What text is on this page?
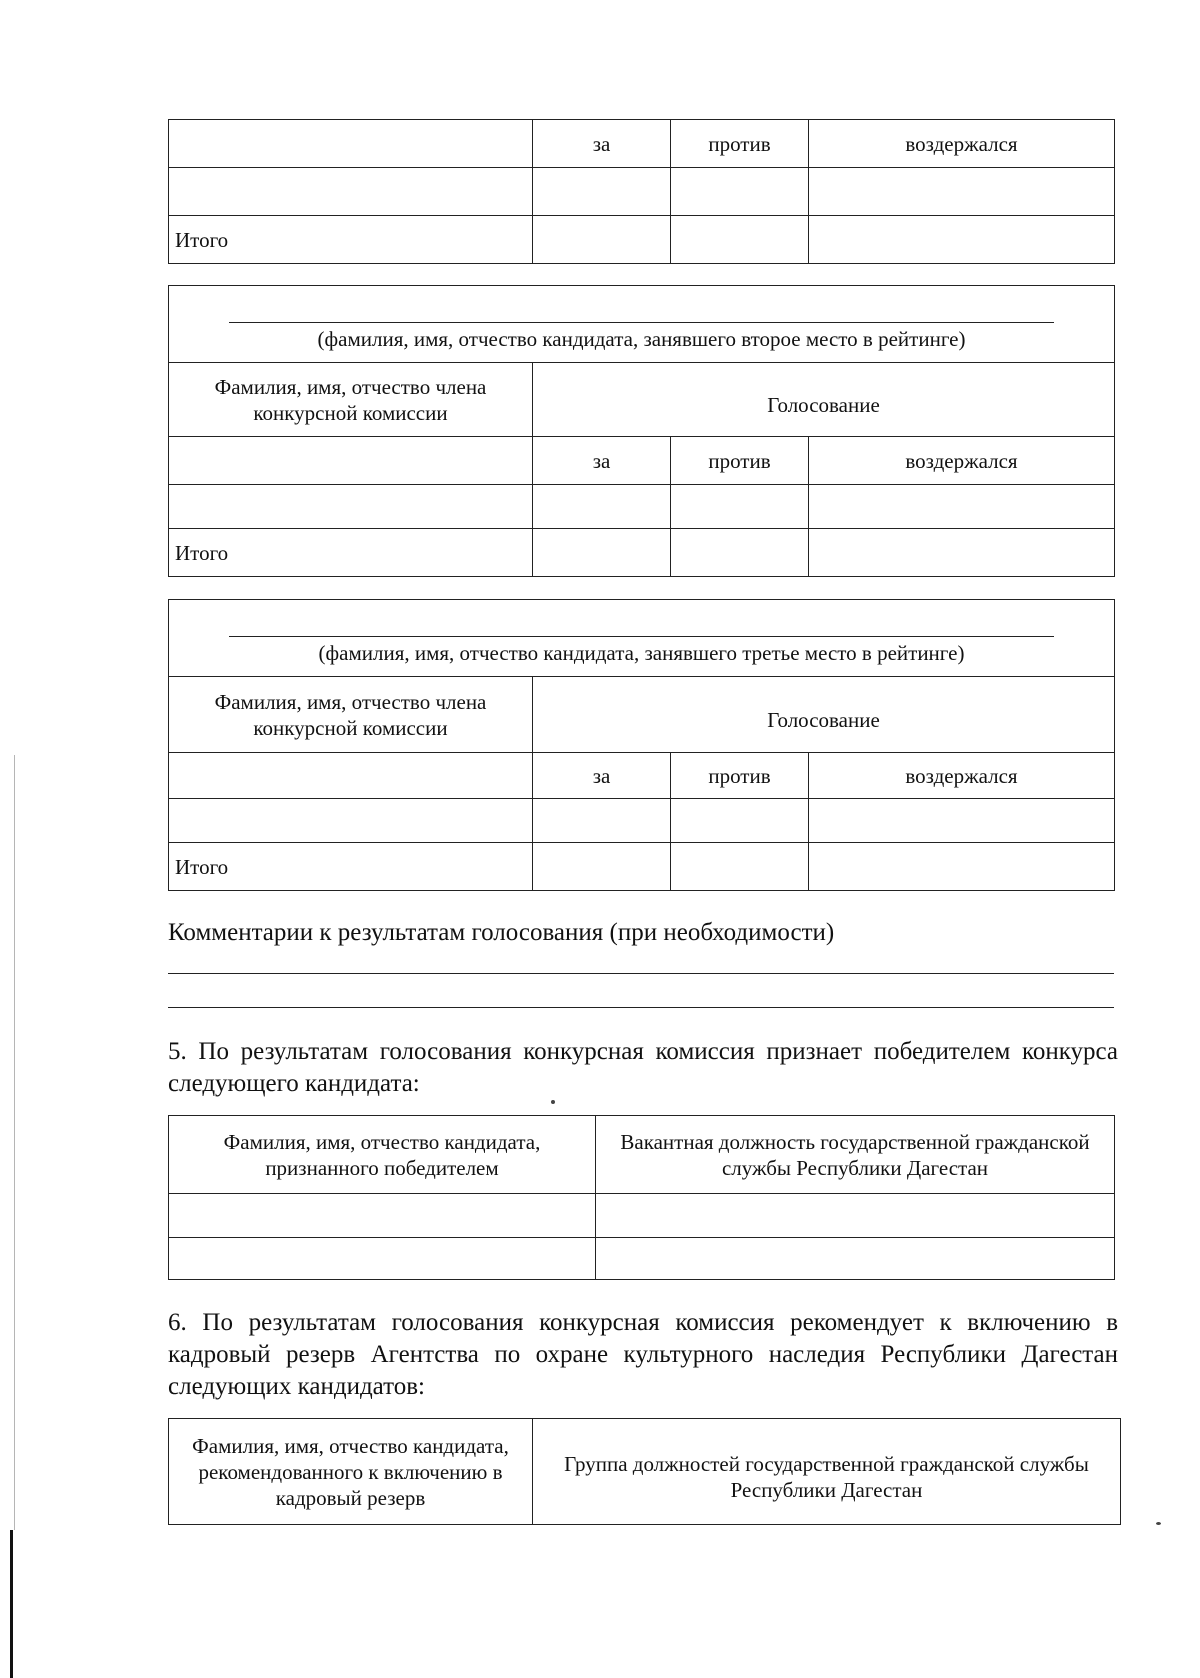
	за	против	воздержался

Итого			
(фамилия, имя, отчество кандидата, занявшего второе место в рейтинге)			

Фамилия, имя, отчество члена конкурсной комиссии	Голосование		
	за	против	воздержался

Итого			
(фамилия, имя, отчество кандидата, занявшего третье место в рейтинге)			

Фамилия, имя, отчество члена конкурсной комиссии	Голосование		
	за	против	воздержался

Итого			
Комментарии к результатам голосования (при необходимости)
5. По результатам голосования конкурсная комиссия признает победителем конкурса следующего кандидата:
Фамилия, имя, отчество кандидата, признанного победителем	Вакантная должность государственной гражданской службы Республики Дагестан

6. По результатам голосования конкурсная комиссия рекомендует к включению в кадровый резерв Агентства по охране культурного наследия Республики Дагестан следующих кандидатов:
Фамилия, имя, отчество кандидата, рекомендованного к включению в кадровый резерв	Группа должностей государственной гражданской службы Республики Дагестан
